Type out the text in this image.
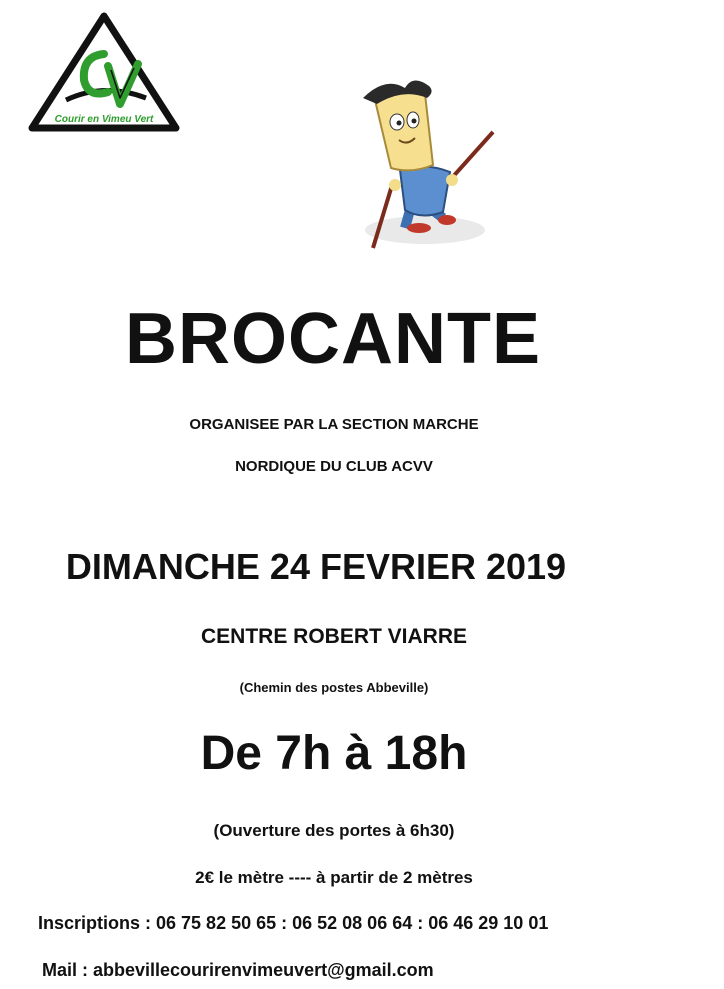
Courir en Vimeu Vert
BROCANTE
ORGANISEE PAR LA SECTION MARCHE
NORDIQUE DU CLUB ACVV
DIMANCHE 24 FEVRIER 2019
CENTRE ROBERT VIARRE
(Chemin des postes Abbeville)
De 7h à 18h
(Ouverture des portes à 6h30)
2€ le mètre ---- à partir de 2 mètres
Inscriptions : 06 75 82 50 65 : 06 52 08 06 64 : 06 46 29 10 01
Mail : abbevillecourirenvimeuvert@gmail.com
